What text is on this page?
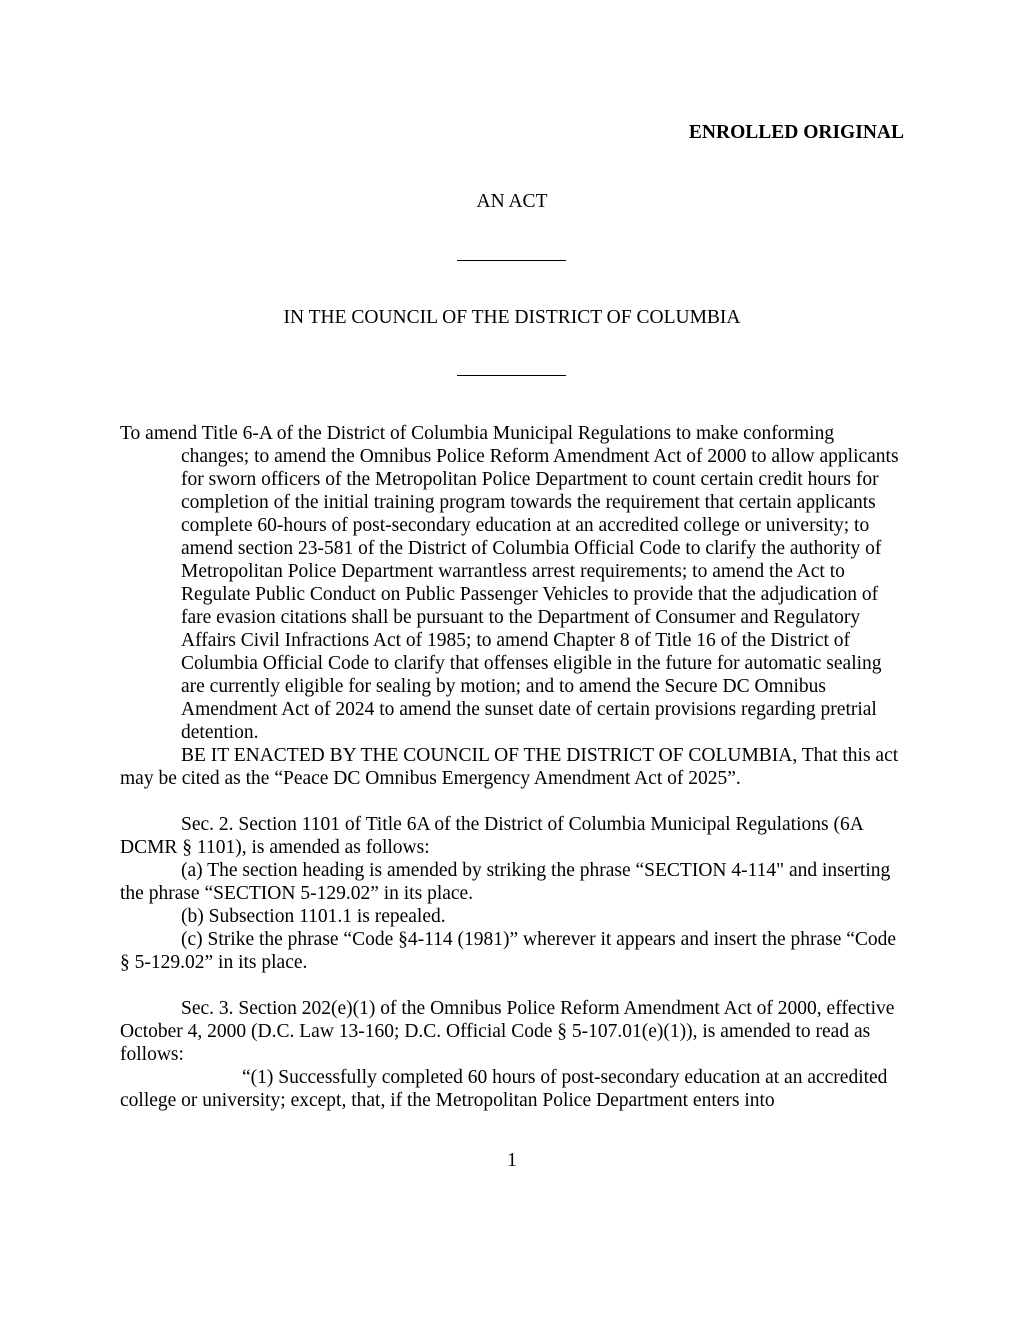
ENROLLED ORIGINAL
AN ACT
IN THE COUNCIL OF THE DISTRICT OF COLUMBIA

To amend Title 6-A of the District of Columbia Municipal Regulations to make conforming changes; to amend the Omnibus Police Reform Amendment Act of 2000 to allow applicants for sworn officers of the Metropolitan Police Department to count certain credit hours for completion of the initial training program towards the requirement that certain applicants complete 60-hours of post-secondary education at an accredited college or university; to amend section 23-581 of the District of Columbia Official Code to clarify the authority of Metropolitan Police Department warrantless arrest requirements; to amend the Act to Regulate Public Conduct on Public Passenger Vehicles to provide that the adjudication of fare evasion citations shall be pursuant to the Department of Consumer and Regulatory Affairs Civil Infractions Act of 1985; to amend Chapter 8 of Title 16 of the District of Columbia Official Code to clarify that offenses eligible in the future for automatic sealing are currently eligible for sealing by motion; and to amend the Secure DC Omnibus Amendment Act of 2024 to amend the sunset date of certain provisions regarding pretrial detention.

BE IT ENACTED BY THE COUNCIL OF THE DISTRICT OF COLUMBIA, That this act may be cited as the “Peace DC Omnibus Emergency Amendment Act of 2025”.

Sec. 2. Section 1101 of Title 6A of the District of Columbia Municipal Regulations (6A DCMR § 1101), is amended as follows:

(a) The section heading is amended by striking the phrase “SECTION 4-114" and inserting the phrase “SECTION 5-129.02” in its place.

(b) Subsection 1101.1 is repealed.

(c) Strike the phrase “Code §4-114 (1981)” wherever it appears and insert the phrase “Code § 5-129.02” in its place.

Sec. 3. Section 202(e)(1) of the Omnibus Police Reform Amendment Act of 2000, effective October 4, 2000 (D.C. Law 13-160; D.C. Official Code § 5-107.01(e)(1)), is amended to read as follows:

“(1) Successfully completed 60 hours of post-secondary education at an accredited college or university; except, that, if the Metropolitan Police Department enters into

1
